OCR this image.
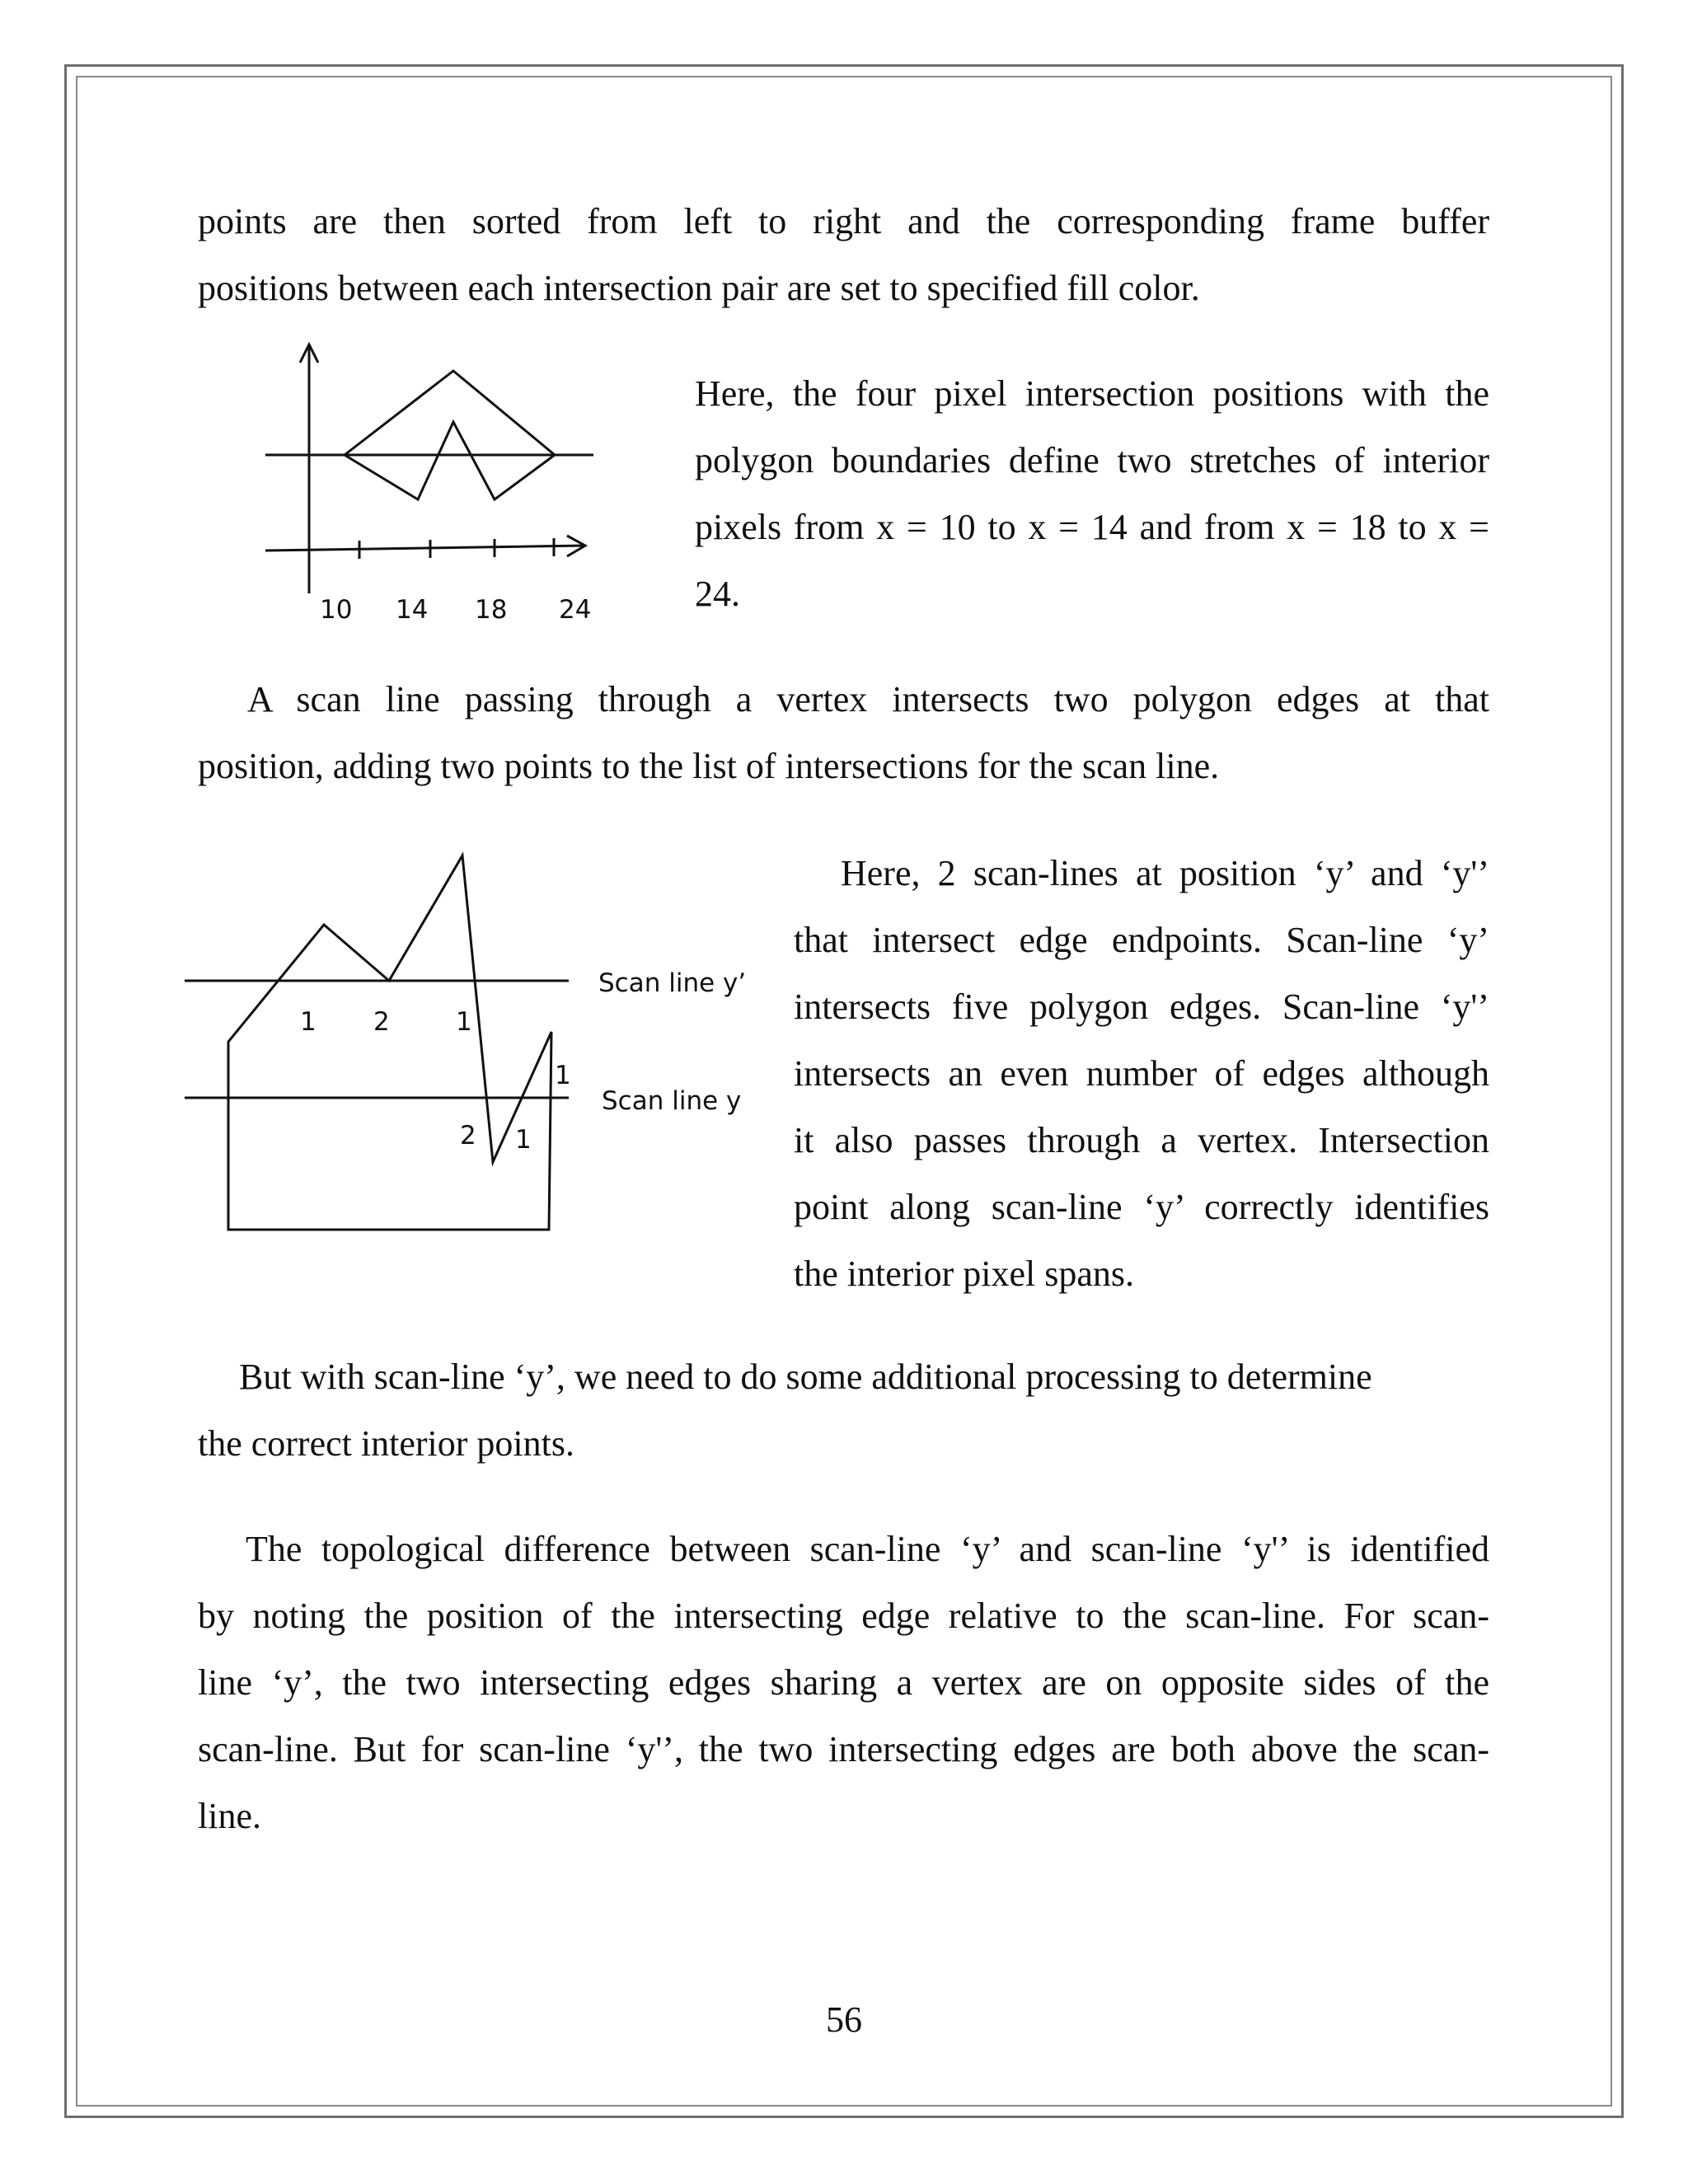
points are then sorted from left to right and the corresponding frame buffer

positions between each intersection pair are set to specified fill color.

10 14 18 24

Here, the four pixel intersection positions with the

polygon boundaries define two stretches of interior

pixels from x = 10 to x = 14 and from x = 18 to x =

24.

A scan line passing through a vertex intersects two polygon edges at that

position, adding two points to the list of intersections for the scan line.

Scan line y’
Scan line y
1 2	1
1
2 1

Here, 2 scan-lines at position ‘y’ and ‘y'’

that intersect edge endpoints. Scan-line ‘y’

intersects five polygon edges. Scan-line ‘y'’

intersects an even number of edges although

it also passes through a vertex. Intersection

point along scan-line ‘y’ correctly identifies

the interior pixel spans.

But with scan-line ‘y’, we need to do some additional processing to determine

the correct interior points.

The topological difference between scan-line ‘y’ and scan-line ‘y'’ is identified

by noting the position of the intersecting edge relative to the scan-line. For scan-

line ‘y’, the two intersecting edges sharing a vertex are on opposite sides of the

scan-line. But for scan-line ‘y'’, the two intersecting edges are both above the scan-

line.

56
